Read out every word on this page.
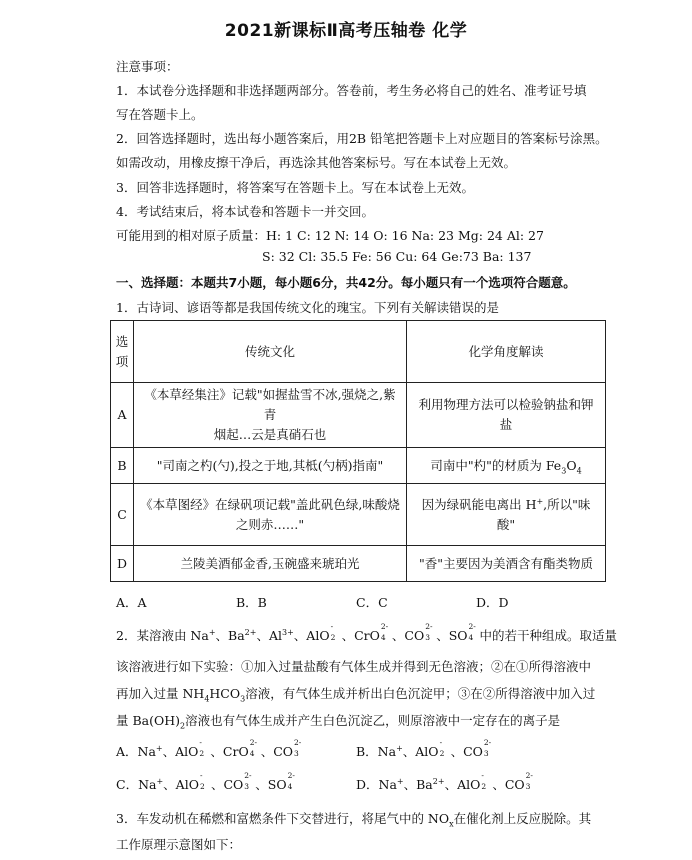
2021新课标Ⅱ高考压轴卷 化学
注意事项：
1．本试卷分选择题和非选择题两部分。答卷前，考生务必将自己的姓名、准考证号填
写在答题卡上。
2．回答选择题时，选出每小题答案后，用2B 铅笔把答题卡上对应题目的答案标号涂黑。
如需改动，用橡皮擦干净后，再选涂其他答案标号。写在本试卷上无效。
3．回答非选择题时，将答案写在答题卡上。写在本试卷上无效。
4．考试结束后，将本试卷和答题卡一并交回。
可能用到的相对原子质量：H: 1 C: 12 N: 14 O: 16 Na: 23 Mg: 24 Al: 27
S: 32 Cl: 35.5 Fe: 56 Cu: 64 Ge:73 Ba: 137
一、选择题：本题共7小题，每小题6分，共42分。每小题只有一个选项符合题意。
1．古诗词、谚语等都是我国传统文化的瑰宝。下列有关解读错误的是
选
项	传统文化	化学角度解读
A	《本草经集注》记载"如握盐雪不冰,强烧之,紫青
烟起…云是真硝石也	利用物理方法可以检验钠盐和钾盐
B	"司南之杓(勺),投之于地,其柢(勺柄)指南"	司南中"杓"的材质为 $Fe_3O_4$
C	《本草图经》在绿矾项记载"盖此矾色绿,味酸烧
之则赤……"	因为绿矾能电离出 H+,所以"味酸"
D	兰陵美酒郁金香,玉碗盛来琥珀光	"香"主要因为美酒含有酯类物质
A．A	B．B	C．C	D．D
2．某溶液由 Na+、$Ba^{2+}$、$Al^{3+}$、AlO
-
2 、CrO
2-
4 、CO
2-
3 、SO
2-
4 中的若干种组成。取适量
该溶液进行如下实验：①加入过量盐酸有气体生成并得到无色溶液；②在①所得溶液中
再加入过量 $NH_4HCO_3$溶液，有气体生成并析出白色沉淀甲；③在②所得溶液中加入过
量 $Ba(OH)_2$溶液也有气体生成并产生白色沉淀乙，则原溶液中一定存在的离子是
A．Na+、AlO
-
2 、CrO
2-
4 、CO
2-
3	B．Na+、AlO
-
2 、CO
2-
3
C．Na+、AlO
-
2 、CO
2-
3 、SO
2-
4	D．Na+、$Ba^{2+}$、AlO
-
2 、CO
2-
3
3．车发动机在稀燃和富燃条件下交替进行，将尾气中的 $NO_x$在催化剂上反应脱除。其
工作原理示意图如下：
